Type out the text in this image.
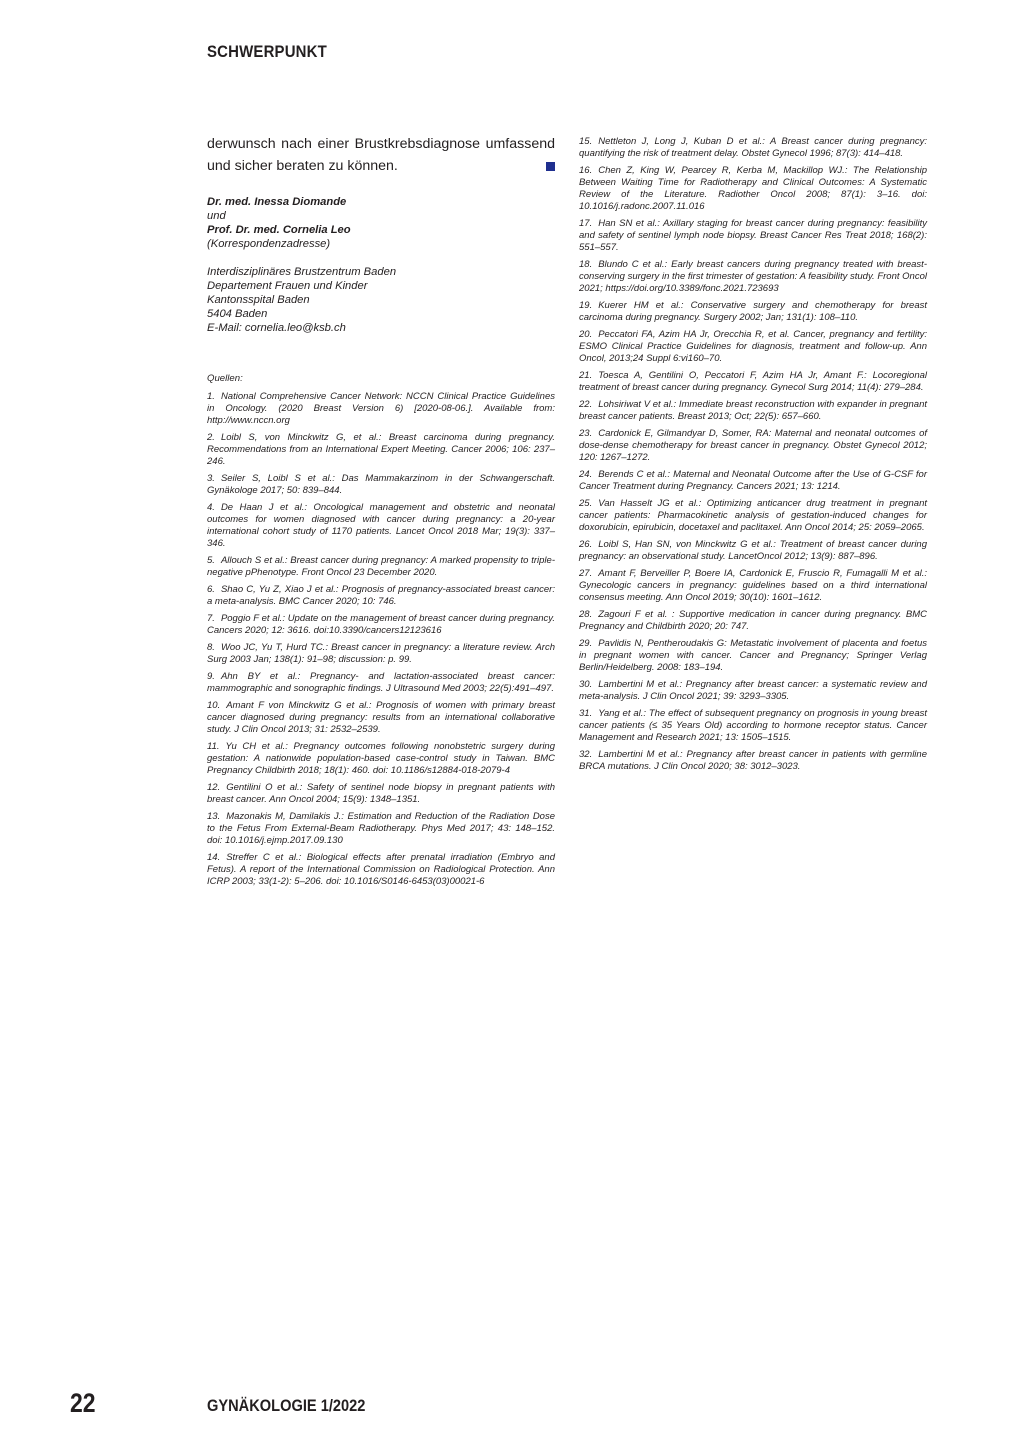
SCHWERPUNKT

derwunsch nach einer Brustkrebsdiagnose umfassend und sicher beraten zu können.

Dr. med. Inessa Diomande
und
Prof. Dr. med. Cornelia Leo
(Korrespondenzadresse)
Interdisziplinäres Brustzentrum Baden
Departement Frauen und Kinder
Kantonsspital Baden
5404 Baden
E-Mail: cornelia.leo@ksb.ch
Quellen:
1. National Comprehensive Cancer Network: NCCN Clinical Practice Guidelines in Oncology. (2020 Breast Version 6) [2020-08-06.]. Available from: http://www.nccn.org
2. Loibl S, von Minckwitz G, et al.: Breast carcinoma during pregnancy. Recommendations from an International Expert Meeting. Cancer 2006; 106: 237–246.
3. Seiler S, Loibl S et al.: Das Mammakarzinom in der Schwangerschaft. Gynäkologe 2017; 50: 839–844.
4. De Haan J et al.: Oncological management and obstetric and neonatal outcomes for women diagnosed with cancer during pregnancy: a 20-year international cohort study of 1170 patients. Lancet Oncol 2018 Mar; 19(3): 337–346.
5. Allouch S et al.: Breast cancer during pregnancy: A marked propensity to triple-negative pPhenotype. Front Oncol 23 December 2020.
6. Shao C, Yu Z, Xiao J et al.: Prognosis of pregnancy-associated breast cancer: a meta-analysis. BMC Cancer 2020; 10: 746.
7. Poggio F et al.: Update on the management of breast cancer during pregnancy. Cancers 2020; 12: 3616. doi:10.3390/cancers12123616
8. Woo JC, Yu T, Hurd TC.: Breast cancer in pregnancy: a literature review. Arch Surg 2003 Jan; 138(1): 91–98; discussion: p. 99.
9. Ahn BY et al.: Pregnancy- and lactation-associated breast cancer: mammographic and sonographic findings. J Ultrasound Med 2003; 22(5):491–497.
10. Amant F von Minckwitz G et al.: Prognosis of women with primary breast cancer diagnosed during pregnancy: results from an international collaborative study. J Clin Oncol 2013; 31: 2532–2539.
11. Yu CH et al.: Pregnancy outcomes following nonobstetric surgery during gestation: A nationwide population-based case-control study in Taiwan. BMC Pregnancy Childbirth 2018; 18(1): 460. doi: 10.1186/s12884-018-2079-4
12. Gentilini O et al.: Safety of sentinel node biopsy in pregnant patients with breast cancer. Ann Oncol 2004; 15(9): 1348–1351.
13. Mazonakis M, Damilakis J.: Estimation and Reduction of the Radiation Dose to the Fetus From External-Beam Radiotherapy. Phys Med 2017; 43: 148–152. doi: 10.1016/j.ejmp.2017.09.130
14. Streffer C et al.: Biological effects after prenatal irradiation (Embryo and Fetus). A report of the International Commission on Radiological Protection. Ann ICRP 2003; 33(1-2): 5–206. doi: 10.1016/S0146-6453(03)00021-6
15. Nettleton J, Long J, Kuban D et al.: A Breast cancer during pregnancy: quantifying the risk of treatment delay. Obstet Gynecol 1996; 87(3): 414–418.
16. Chen Z, King W, Pearcey R, Kerba M, Mackillop WJ.: The Relationship Between Waiting Time for Radiotherapy and Clinical Outcomes: A Systematic Review of the Literature. Radiother Oncol 2008; 87(1): 3–16. doi: 10.1016/j.radonc.2007.11.016
17. Han SN et al.: Axillary staging for breast cancer during pregnancy: feasibility and safety of sentinel lymph node biopsy. Breast Cancer Res Treat 2018; 168(2): 551–557.
18. Blundo C et al.: Early breast cancers during pregnancy treated with breast-conserving surgery in the first trimester of gestation: A feasibility study. Front Oncol 2021; https://doi.org/10.3389/fonc.2021.723693
19. Kuerer HM et al.: Conservative surgery and chemotherapy for breast carcinoma during pregnancy. Surgery 2002; Jan; 131(1): 108–110.
20. Peccatori FA, Azim HA Jr, Orecchia R, et al. Cancer, pregnancy and fertility: ESMO Clinical Practice Guidelines for diagnosis, treatment and follow-up. Ann Oncol, 2013;24 Suppl 6:vi160–70.
21. Toesca A, Gentilini O, Peccatori F, Azim HA Jr, Amant F.: Locoregional treatment of breast cancer during pregnancy. Gynecol Surg 2014; 11(4): 279–284.
22. Lohsiriwat V et al.: Immediate breast reconstruction with expander in pregnant breast cancer patients. Breast 2013; Oct; 22(5): 657–660.
23. Cardonick E, Gilmandyar D, Somer, RA: Maternal and neonatal outcomes of dose-dense chemotherapy for breast cancer in pregnancy. Obstet Gynecol 2012; 120: 1267–1272.
24. Berends C et al.: Maternal and Neonatal Outcome after the Use of G-CSF for Cancer Treatment during Pregnancy. Cancers 2021; 13: 1214.
25. Van Hasselt JG et al.: Optimizing anticancer drug treatment in pregnant cancer patients: Pharmacokinetic analysis of gestation-induced changes for doxorubicin, epirubicin, docetaxel and paclitaxel. Ann Oncol 2014; 25: 2059–2065.
26. Loibl S, Han SN, von Minckwitz G et al.: Treatment of breast cancer during pregnancy: an observational study. LancetOncol 2012; 13(9): 887–896.
27. Amant F, Berveiller P, Boere IA, Cardonick E, Fruscio R, Fumagalli M et al.: Gynecologic cancers in pregnancy: guidelines based on a third international consensus meeting. Ann Oncol 2019; 30(10): 1601–1612.
28. Zagouri F et al. : Supportive medication in cancer during pregnancy. BMC Pregnancy and Childbirth 2020; 20: 747.
29. Pavlidis N, Pentheroudakis G: Metastatic involvement of placenta and foetus in pregnant women with cancer. Cancer and Pregnancy; Springer Verlag Berlin/Heidelberg. 2008: 183–194.
30. Lambertini M et al.: Pregnancy after breast cancer: a systematic review and meta-analysis. J Clin Oncol 2021; 39: 3293–3305.
31. Yang et al.: The effect of subsequent pregnancy on prognosis in young breast cancer patients (≤ 35 Years Old) according to hormone receptor status. Cancer Management and Research 2021; 13: 1505–1515.
32. Lambertini M et al.: Pregnancy after breast cancer in patients with germline BRCA mutations. J Clin Oncol 2020; 38: 3012–3023.
22	GYNÄKOLOGIE 1/2022
